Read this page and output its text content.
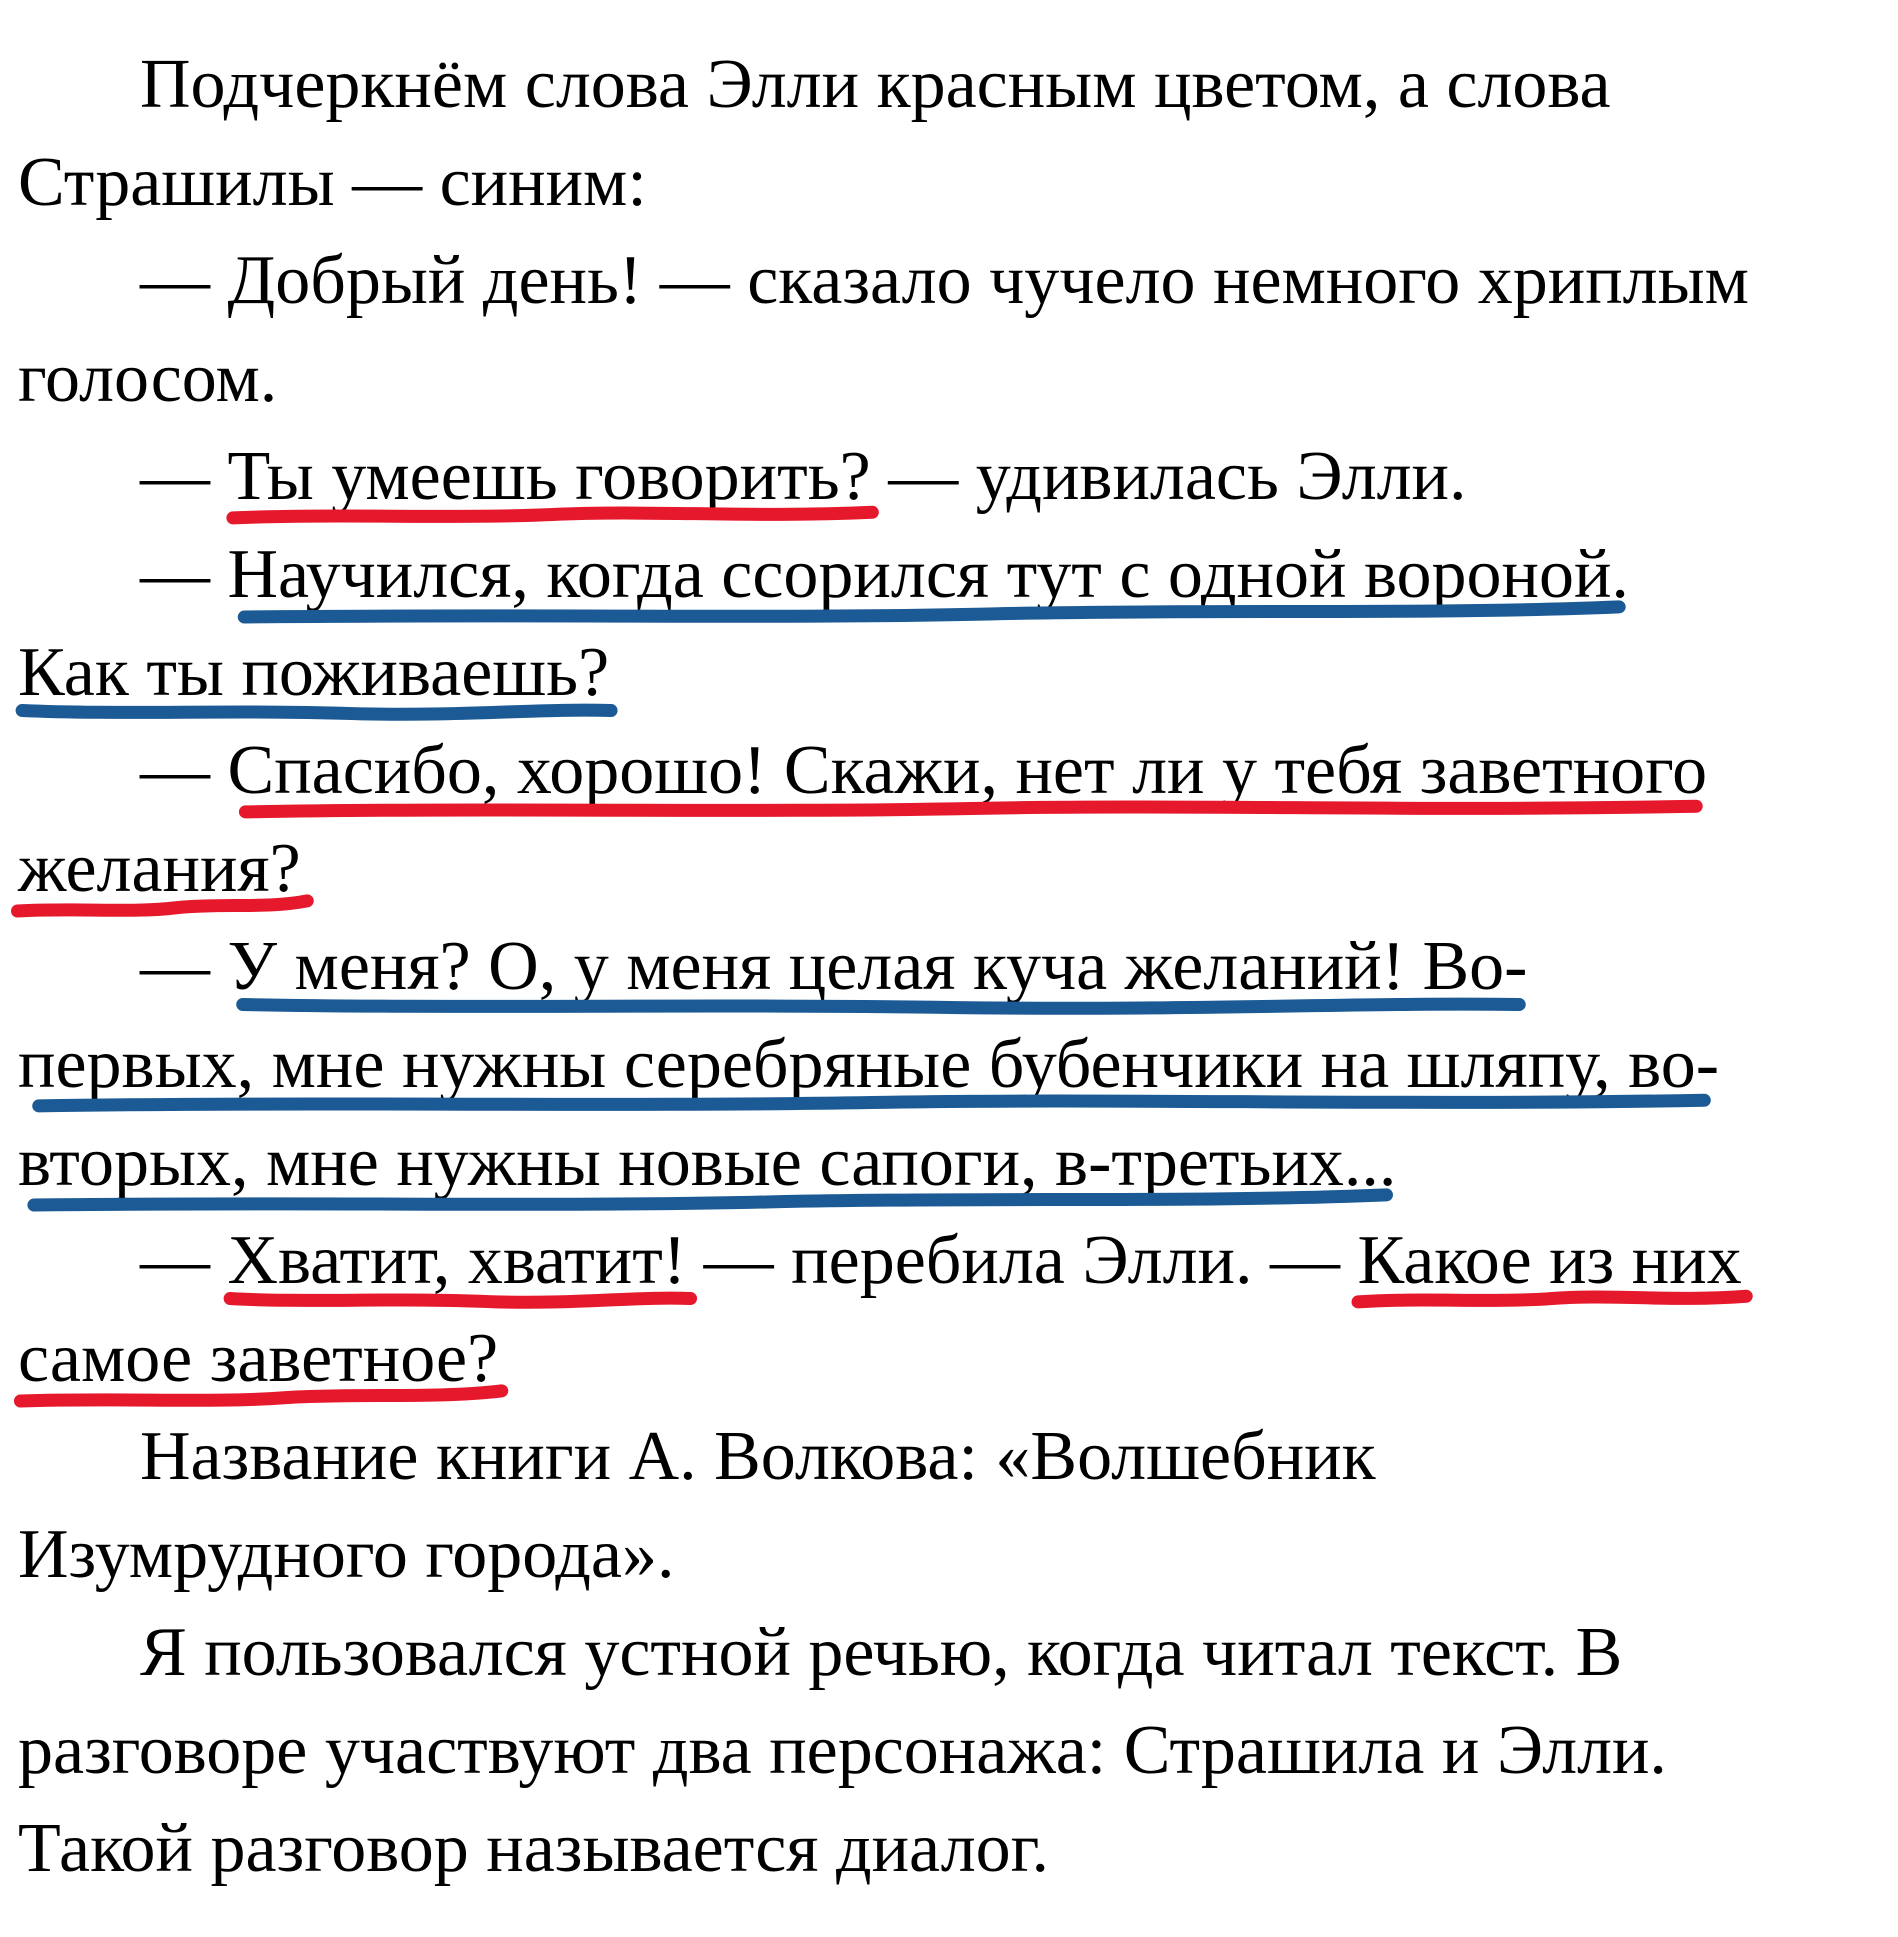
Подчеркнём слова Элли красным цветом, а слова
Страшилы — синим:
— Добрый день! — сказало чучело немного хриплым
голосом.
— Ты умеешь говорить?
— удивилась Элли.
— Научился, когда ссорился тут с одной вороной.
Как ты поживаешь?
— Спасибо, хорошо! Скажи, нет ли у тебя заветного
желания?
— У меня? О, у меня целая куча желаний! Во-
первых, мне нужны серебряные бубенчики на шляпу, во-
вторых, мне нужны новые сапоги, в-третьих...
— Хватит, хватит!
— перебила Элли. — Какое из них
самое заветное?
Название книги А. Волкова: «Волшебник
Изумрудного города».
Я пользовался устной речью, когда читал текст. В
разговоре участвуют два персонажа: Страшила и Элли.
Такой разговор называется диалог.
